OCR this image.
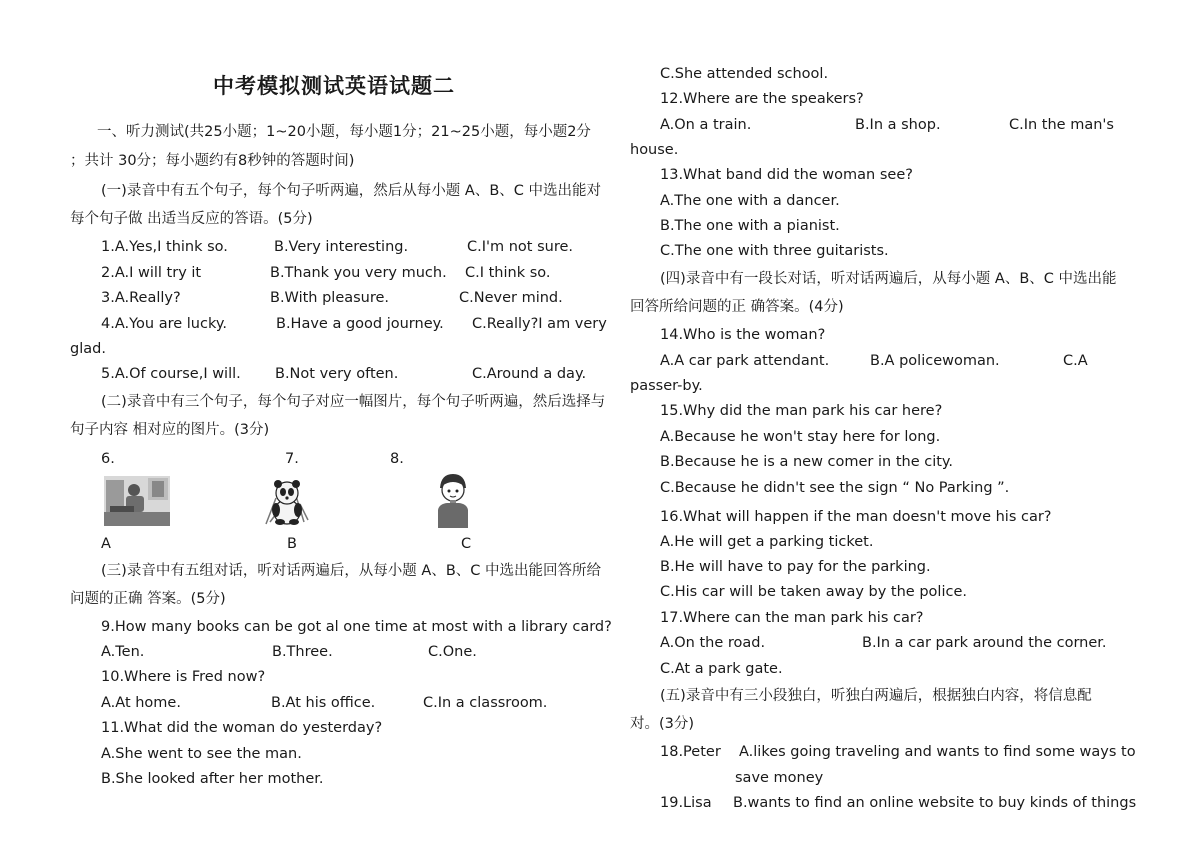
中考模拟测试英语试题二
一、听力测试(共25小题；1~20小题，每小题1分；21~25小题，每小题2分
；共计 30分；每小题约有8秒钟的答题时间)
(一)录音中有五个句子，每个句子听两遍，然后从每小题 A、B、C 中选出能对
每个句子做 出适当反应的答语。(5分)
1.A.Yes,I think so.	B.Very interesting.	C.I'm not sure.
2.A.I will try it	B.Thank you very much. C.I think so.
3.A.Really?	B.With pleasure.	C.Never mind.
4.A.You are lucky.	B.Have a good journey. C.Really?I am very
glad.
5.A.Of course,I will. B.Not very often.	C.Around a day.
(二)录音中有三个句子，每个句子对应一幅图片，每个句子听两遍，然后选择与
句子内容 相对应的图片。(3分)
6.	7.	8.
A	B	C
(三)录音中有五组对话，听对话两遍后，从每小题 A、B、C 中选出能回答所给
问题的正确 答案。(5分)
9.How many books can be got al one time at most with a library card?
A.Ten.	B.Three.	C.One.
10.Where is Fred now?
A.At home.	B.At his office.	C.In a classroom.
11.What did the woman do yesterday?
A.She went to see the man.
B.She looked after her mother.
C.She attended school.
12.Where are the speakers?
A.On a train.	B.In a shop.	C.In the man's
house.
13.What band did the woman see?
A.The one with a dancer.
B.The one with a pianist.
C.The one with three guitarists.
(四)录音中有一段长对话，听对话两遍后，从每小题 A、B、C 中选出能
回答所给问题的正 确答案。(4分)
14.Who is the woman?
A.A car park attendant.	B.A policewoman.	C.A
passer-by.
15.Why did the man park his car here?
A.Because he won't stay here for long.
B.Because he is a new comer in the city.
C.Because he didn't see the sign “ No Parking ”.
16.What will happen if the man doesn't move his car?
A.He will get a parking ticket.
B.He will have to pay for the parking.
C.His car will be taken away by the police.
17.Where can the man park his car?
A.On the road.	B.In a car park around the corner.
C.At a park gate.
(五)录音中有三小段独白，听独白两遍后，根据独白内容，将信息配
对。(3分)
18.Peter A.likes going traveling and wants to find some ways to
save money
19.Lisa B.wants to find an online website to buy kinds of things
